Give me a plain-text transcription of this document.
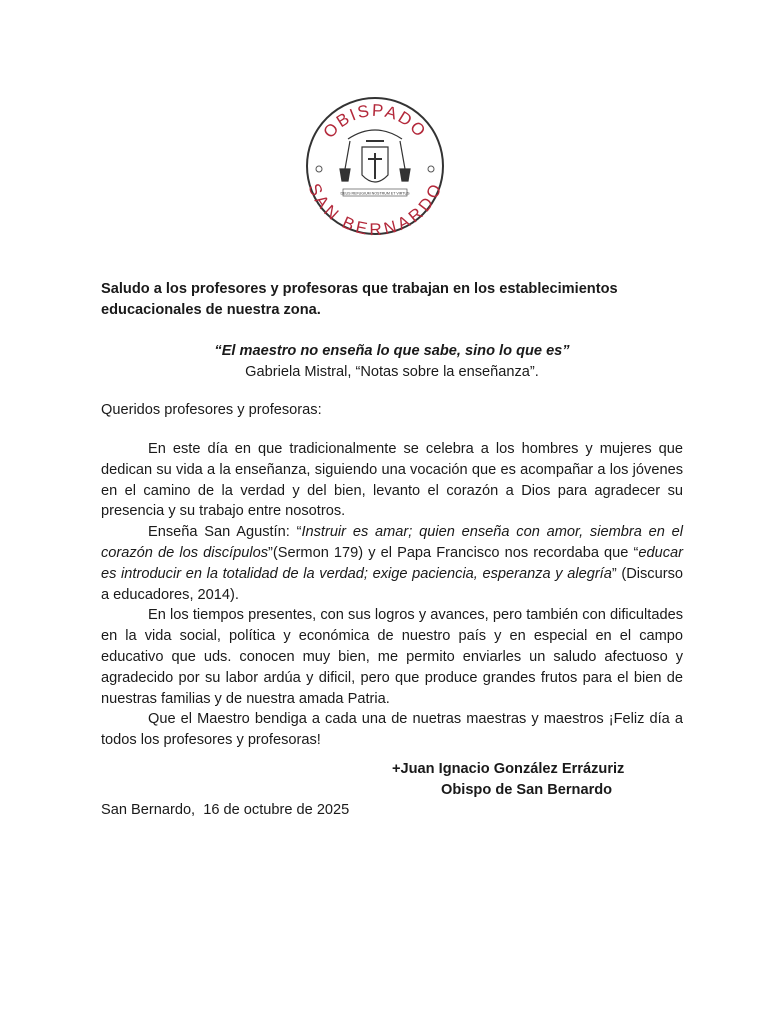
OBISPADO
SAN BERNARDO
DEUS REFUGIUM NOSTRUM ET VIRTUS
Saludo a los profesores y profesoras que trabajan en los establecimientos educacionales de nuestra zona.
“El maestro no enseña lo que sabe, sino lo que es”
Gabriela Mistral, “Notas sobre la enseñanza”.
Queridos profesores y profesoras:

En este día en que tradicionalmente se celebra a los hombres y mujeres que dedican su vida a la enseñanza, siguiendo una vocación que es acompañar a los jóvenes en el camino de la verdad y del bien, levanto el corazón a Dios para agradecer su presencia y su trabajo entre nosotros.

Enseña San Agustín: “Instruir es amar; quien enseña con amor, siembra en el corazón de los discípulos”(Sermon 179) y el Papa Francisco nos recordaba que “educar es introducir en la totalidad de la verdad; exige paciencia, esperanza y alegría” (Discurso a educadores, 2014).

En los tiempos presentes, con sus logros y avances, pero también con dificultades en la vida social, política y económica de nuestro país y en especial en el campo educativo que uds. conocen muy bien, me permito enviarles un saludo afectuoso y agradecido por su labor ardúa y dificil, pero que produce grandes frutos para el bien de nuestras familias y de nuestra amada Patria.

Que el Maestro bendiga a cada una de nuetras maestras y maestros ¡Feliz día a todos los profesores y profesoras!

+Juan Ignacio González Errázuriz
Obispo de San Bernardo
San Bernardo,  16 de octubre de 2025
